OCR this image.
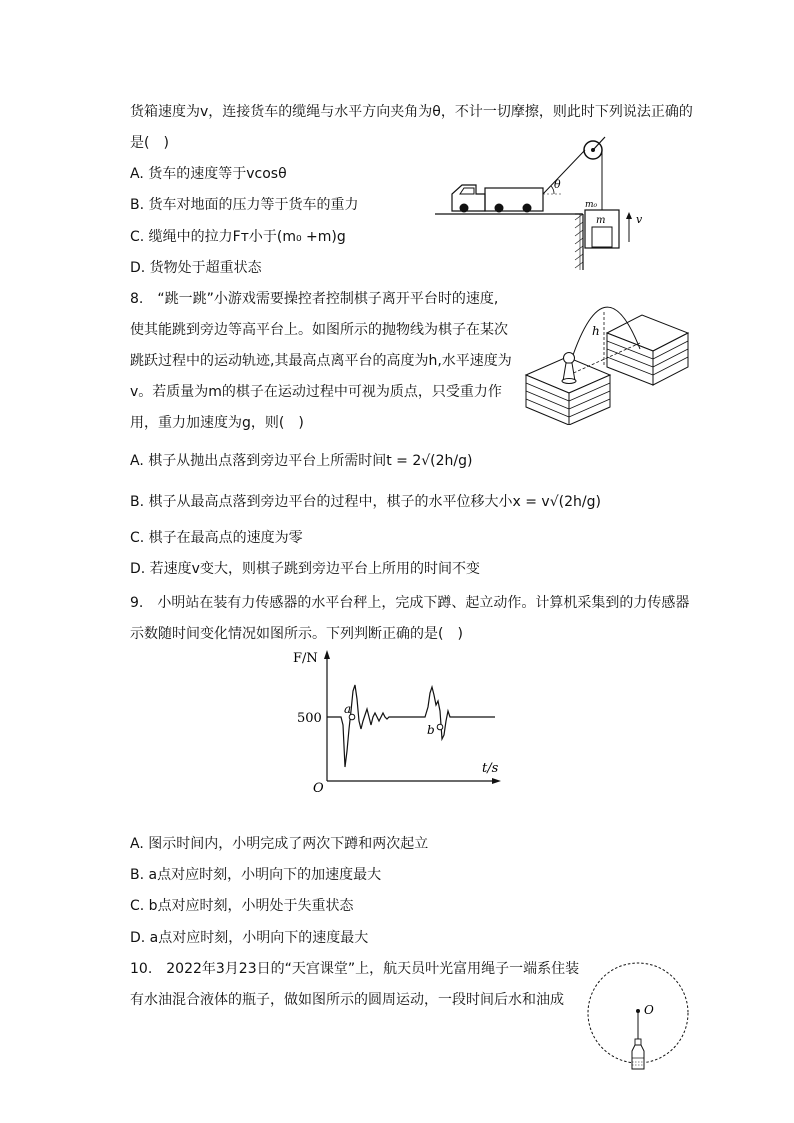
货箱速度为v，连接货车的缆绳与水平方向夹角为θ，不计一切摩擦，则此时下列说法正确的
是(　)
A. 货车的速度等于vcosθ
B. 货车对地面的压力等于货车的重力
C. 缆绳中的拉力Fᴛ小于(m₀ +m)g
D. 货物处于超重状态
θ
m₀
m	v
8.　“跳一跳”小游戏需要操控者控制棋子离开平台时的速度,
使其能跳到旁边等高平台上。如图所示的抛物线为棋子在某次
跳跃过程中的运动轨迹,其最高点离平台的高度为h,水平速度为
v。若质量为m的棋子在运动过程中可视为质点，只受重力作
用，重力加速度为g，则(　)
A. 棋子从抛出点落到旁边平台上所需时间t = 2√(2h/g)
B. 棋子从最高点落到旁边平台的过程中，棋子的水平位移大小x = v√(2h/g)
C. 棋子在最高点的速度为零
D. 若速度v变大，则棋子跳到旁边平台上所用的时间不变
h
9.　小明站在装有力传感器的水平台秤上，完成下蹲、起立动作。计算机采集到的力传感器
示数随时间变化情况如图所示。下列判断正确的是(　)
F/N
t/s
O
500
a
b
A. 图示时间内，小明完成了两次下蹲和两次起立
B. a点对应时刻，小明向下的加速度最大
C. b点对应时刻，小明处于失重状态
D. a点对应时刻，小明向下的速度最大
10.　2022年3月23日的“天宫课堂”上，航天员叶光富用绳子一端系住装
有水油混合液体的瓶子，做如图所示的圆周运动，一段时间后水和油成
O
